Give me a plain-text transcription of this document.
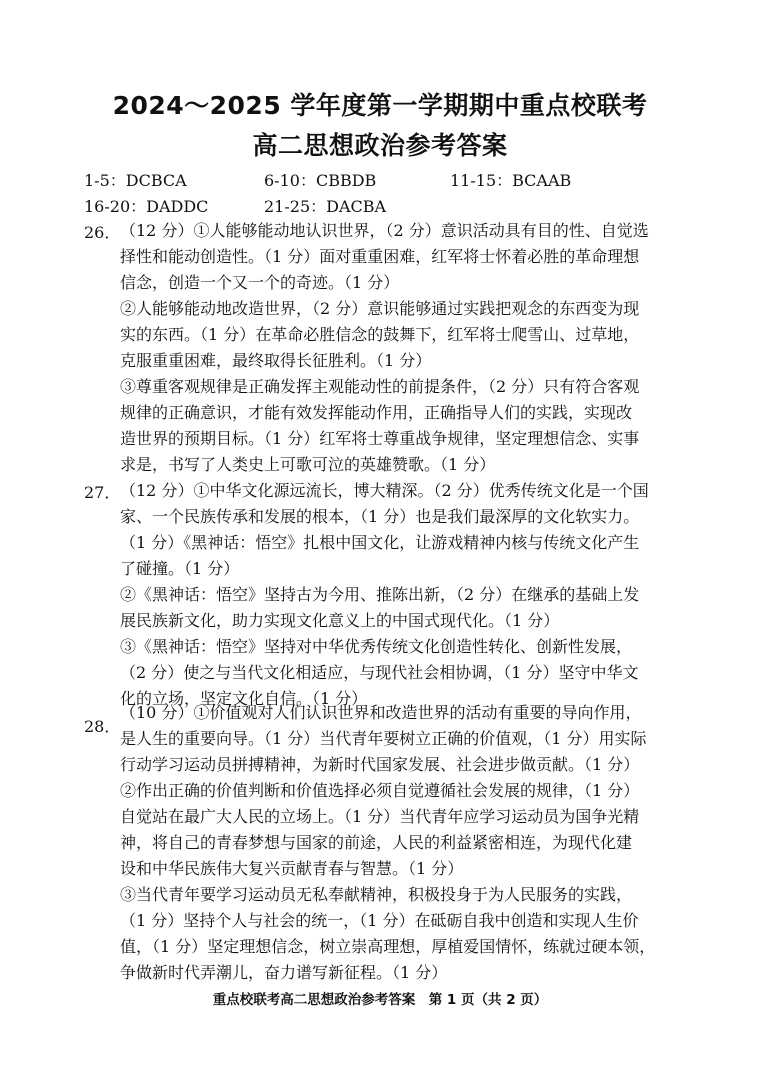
2024～2025 学年度第一学期期中重点校联考
高二思想政治参考答案
1-5：DCBCA	6-10：CBBDB	11-15：BCAAB
16-20：DADDC	21-25：DACBA
26． （12 分）①人能够能动地认识世界，（2 分）意识活动具有目的性、自觉选
择性和能动创造性。（1 分）面对重重困难，红军将士怀着必胜的革命理想
信念，创造一个又一个的奇迹。（1 分）
②人能够能动地改造世界，（2 分）意识能够通过实践把观念的东西变为现
实的东西。（1 分）在革命必胜信念的鼓舞下，红军将士爬雪山、过草地，
克服重重困难，最终取得长征胜利。（1 分）
③尊重客观规律是正确发挥主观能动性的前提条件，（2 分）只有符合客观
规律的正确意识，才能有效发挥能动作用，正确指导人们的实践，实现改
造世界的预期目标。（1 分）红军将士尊重战争规律，坚定理想信念、实事
求是，书写了人类史上可歌可泣的英雄赞歌。（1 分）
27． （12 分）①中华文化源远流长，博大精深。（2 分）优秀传统文化是一个国
家、一个民族传承和发展的根本，（1 分）也是我们最深厚的文化软实力。
（1 分）《黑神话：悟空》扎根中国文化，让游戏精神内核与传统文化产生
了碰撞。（1 分）
②《黑神话：悟空》坚持古为今用、推陈出新，（2 分）在继承的基础上发
展民族新文化，助力实现文化意义上的中国式现代化。（1 分）
③《黑神话：悟空》坚持对中华优秀传统文化创造性转化、创新性发展，
（2 分）使之与当代文化相适应，与现代社会相协调，（1 分）坚守中华文
化的立场，坚定文化自信。（1 分）
28．
（10 分）①价值观对人们认识世界和改造世界的活动有重要的导向作用，
是人生的重要向导。（1 分）当代青年要树立正确的价值观，（1 分）用实际
行动学习运动员拼搏精神，为新时代国家发展、社会进步做贡献。（1 分）
②作出正确的价值判断和价值选择必须自觉遵循社会发展的规律，（1 分）
自觉站在最广大人民的立场上。（1 分）当代青年应学习运动员为国争光精
神，将自己的青春梦想与国家的前途，人民的利益紧密相连，为现代化建
设和中华民族伟大复兴贡献青春与智慧。（1 分）
③当代青年要学习运动员无私奉献精神，积极投身于为人民服务的实践，
（1 分）坚持个人与社会的统一，（1 分）在砥砺自我中创造和实现人生价
值，（1 分）坚定理想信念，树立崇高理想，厚植爱国情怀，练就过硬本领，
争做新时代弄潮儿，奋力谱写新征程。（1 分）
重点校联考高二思想政治参考答案　第 1 页（共 2 页）
